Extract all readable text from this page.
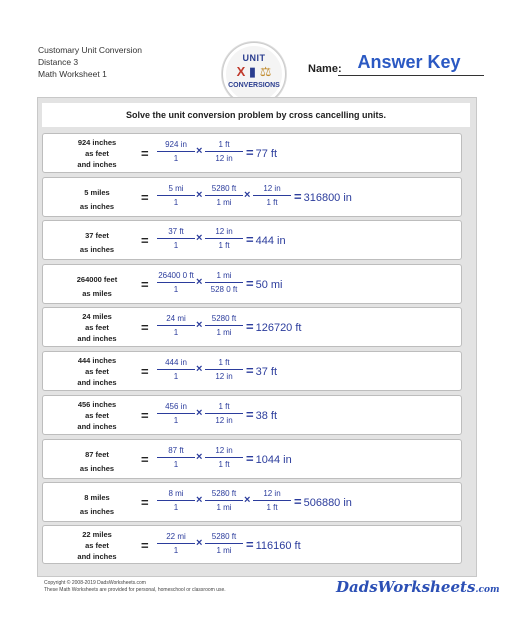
Customary Unit Conversion
Distance 3
Math Worksheet 1
UNIT
X ▮ ⚖
CONVERSIONS
Name: Answer Key
Solve the unit conversion problem by cross cancelling units.
924 inches
as feet
and inches
= $\frac{924 in}{1} \times \frac{1 ft}{12 in} = 77$ ft
5 miles
as inches
= $\frac{5 mi}{1} \times \frac{5280 ft}{1 mi} \times \frac{12 in}{1 ft} = 316800$ in
37 feet
as inches
= $\frac{37 ft}{1} \times \frac{12 in}{1 ft} = 444$ in
264000 feet
as miles
= $\frac{26400 0 ft}{1} \times \frac{1 mi}{528 0 ft} = 50$ mi
24 miles
as feet
and inches
= $\frac{24 mi}{1} \times \frac{5280 ft}{1 mi} = 126720$ ft
444 inches
as feet
and inches
= $\frac{444 in}{1} \times \frac{1 ft}{12 in} = 37$ ft
456 inches
as feet
and inches
= $\frac{456 in}{1} \times \frac{1 ft}{12 in} = 38$ ft
87 feet
as inches
= $\frac{87 ft}{1} \times \frac{12 in}{1 ft} = 1044$ in
8 miles
as inches
= $\frac{8 mi}{1} \times \frac{5280 ft}{1 mi} \times \frac{12 in}{1 ft} = 506880$ in
22 miles
as feet
and inches
= $\frac{22 mi}{1} \times \frac{5280 ft}{1 mi} = 116160$ ft
Copyright © 2008-2019 DadsWorksheets.com
These Math Worksheets are provided for personal, homeschool or classroom use.	DadsWorksheets.com
